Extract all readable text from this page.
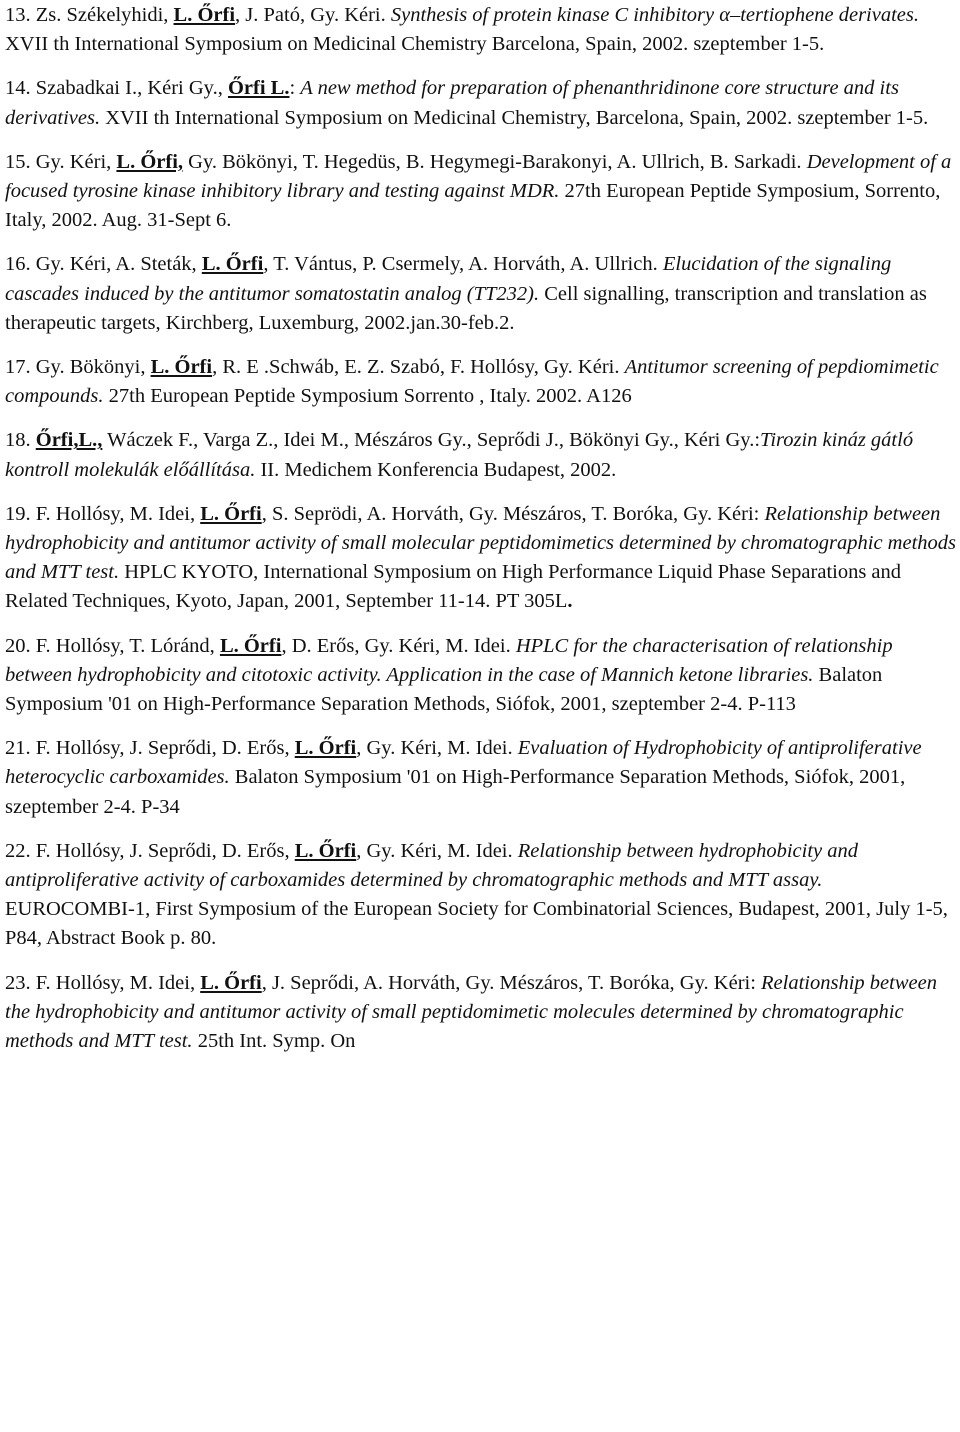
13. Zs. Székelyhidi, L. Őrfi, J. Pató, Gy. Kéri. Synthesis of protein kinase C inhibitory α–tertiophene derivates. XVII th International Symposium on Medicinal Chemistry Barcelona, Spain, 2002. szeptember 1-5.

14. Szabadkai I., Kéri Gy., Őrfi L.: A new method for preparation of phenanthridinone core structure and its derivatives. XVII th International Symposium on Medicinal Chemistry, Barcelona, Spain, 2002. szeptember 1-5.

15. Gy. Kéri, L. Őrfi, Gy. Bökönyi, T. Hegedüs, B. Hegymegi-Barakonyi, A. Ullrich, B. Sarkadi. Development of a focused tyrosine kinase inhibitory library and testing against MDR. 27th European Peptide Symposium, Sorrento, Italy, 2002. Aug. 31-Sept 6.

16. Gy. Kéri, A. Steták, L. Őrfi, T. Vántus, P. Csermely, A. Horváth, A. Ullrich. Elucidation of the signaling cascades induced by the antitumor somatostatin analog (TT232). Cell signalling, transcription and translation as therapeutic targets, Kirchberg, Luxemburg, 2002.jan.30-feb.2.

17. Gy. Bökönyi, L. Őrfi, R. E .Schwáb, E. Z. Szabó, F. Hollósy, Gy. Kéri. Antitumor screening of pepdiomimetic compounds. 27th European Peptide Symposium Sorrento , Italy. 2002. A126

18. Őrfi,L., Wáczek F., Varga Z., Idei M., Mészáros Gy., Seprődi J., Bökönyi Gy., Kéri Gy.:Tirozin kináz gátló kontroll molekulák előállítása. II. Medichem Konferencia Budapest, 2002.

19. F. Hollósy, M. Idei, L. Őrfi, S. Seprödi, A. Horváth, Gy. Mészáros, T. Boróka, Gy. Kéri: Relationship between hydrophobicity and antitumor activity of small molecular peptidomimetics determined by chromatographic methods and MTT test. HPLC KYOTO, International Symposium on High Performance Liquid Phase Separations and Related Techniques, Kyoto, Japan, 2001, September 11-14. PT 305L.

20. F. Hollósy, T. Lóránd, L. Őrfi, D. Erős, Gy. Kéri, M. Idei. HPLC for the characterisation of relationship between hydrophobicity and citotoxic activity. Application in the case of Mannich ketone libraries. Balaton Symposium '01 on High-Performance Separation Methods, Siófok, 2001, szeptember 2-4. P-113

21. F. Hollósy, J. Seprődi, D. Erős, L. Őrfi, Gy. Kéri, M. Idei. Evaluation of Hydrophobicity of antiproliferative heterocyclic carboxamides. Balaton Symposium '01 on High-Performance Separation Methods, Siófok, 2001, szeptember 2-4. P-34

22. F. Hollósy, J. Seprődi, D. Erős, L. Őrfi, Gy. Kéri, M. Idei. Relationship between hydrophobicity and antiproliferative activity of carboxamides determined by chromatographic methods and MTT assay. EUROCOMBI-1, First Symposium of the European Society for Combinatorial Sciences, Budapest, 2001, July 1-5, P84, Abstract Book p. 80.

23. F. Hollósy, M. Idei, L. Őrfi, J. Seprődi, A. Horváth, Gy. Mészáros, T. Boróka, Gy. Kéri: Relationship between the hydrophobicity and antitumor activity of small peptidomimetic molecules determined by chromatographic methods and MTT test. 25th Int. Symp. On
